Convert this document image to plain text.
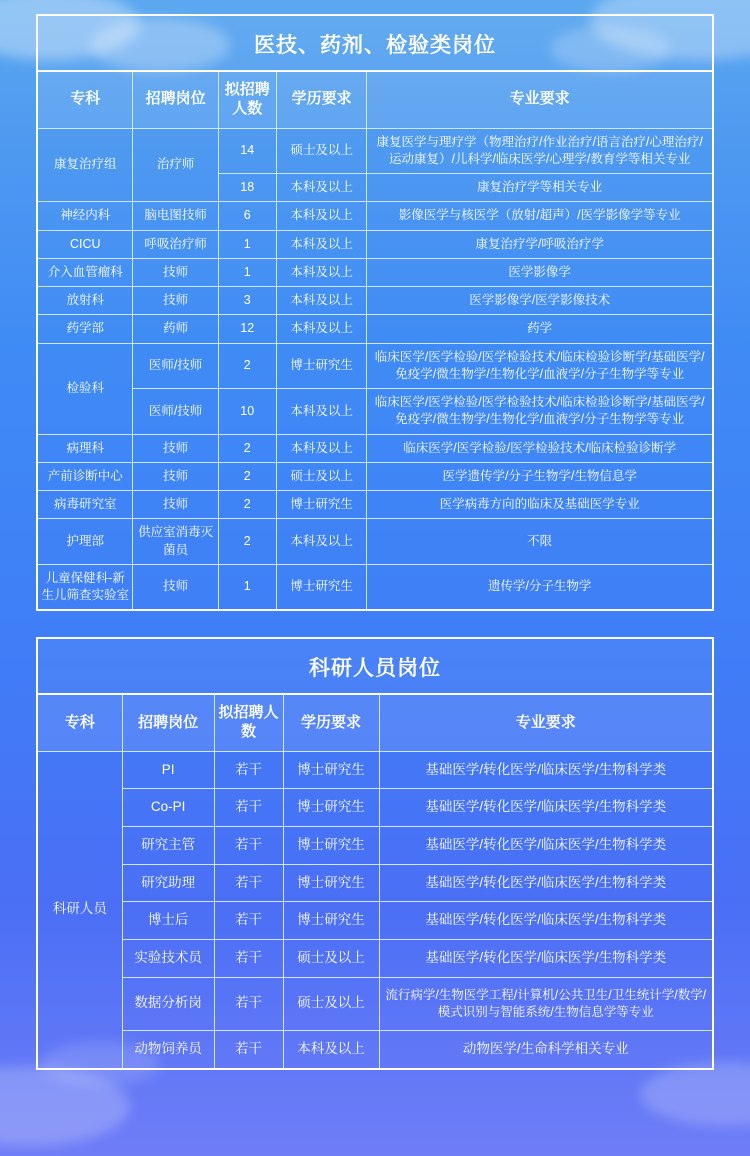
医技、药剂、检验类岗位
专科	招聘岗位	拟招聘人数	学历要求	专业要求
康复治疗组	治疗师	14	硕士及以上	康复医学与理疗学（物理治疗/作业治疗/语言治疗/心理治疗/运动康复）/儿科学/临床医学/心理学/教育学等相关专业
		18	本科及以上	康复治疗学等相关专业
神经内科	脑电图技师	6	本科及以上	影像医学与核医学（放射/超声）/医学影像学等专业
CICU	呼吸治疗师	1	本科及以上	康复治疗学/呼吸治疗学
介入血管瘤科	技师	1	本科及以上	医学影像学
放射科	技师	3	本科及以上	医学影像学/医学影像技术
药学部	药师	12	本科及以上	药学
检验科	医师/技师	2	博士研究生	临床医学/医学检验/医学检验技术/临床检验诊断学/基础医学/免疫学/微生物学/生物化学/血液学/分子生物学等专业
	医师/技师	10	本科及以上	临床医学/医学检验/医学检验技术/临床检验诊断学/基础医学/免疫学/微生物学/生物化学/血液学/分子生物学等专业
病理科	技师	2	本科及以上	临床医学/医学检验/医学检验技术/临床检验诊断学
产前诊断中心	技师	2	硕士及以上	医学遗传学/分子生物学/生物信息学
病毒研究室	技师	2	博士研究生	医学病毒方向的临床及基础医学专业
护理部	供应室消毒灭菌员	2	本科及以上	不限
儿童保健科-新生儿筛查实验室	技师	1	博士研究生	遗传学/分子生物学
科研人员岗位
专科	招聘岗位	拟招聘人数	学历要求	专业要求
科研人员	PI	若干	博士研究生	基础医学/转化医学/临床医学/生物科学类
	Co-PI	若干	博士研究生	基础医学/转化医学/临床医学/生物科学类
	研究主管	若干	博士研究生	基础医学/转化医学/临床医学/生物科学类
	研究助理	若干	博士研究生	基础医学/转化医学/临床医学/生物科学类
	博士后	若干	博士研究生	基础医学/转化医学/临床医学/生物科学类
	实验技术员	若干	硕士及以上	基础医学/转化医学/临床医学/生物科学类
	数据分析岗	若干	硕士及以上	流行病学/生物医学工程/计算机/公共卫生/卫生统计学/数学/模式识别与智能系统/生物信息学等专业
	动物饲养员	若干	本科及以上	动物医学/生命科学相关专业
